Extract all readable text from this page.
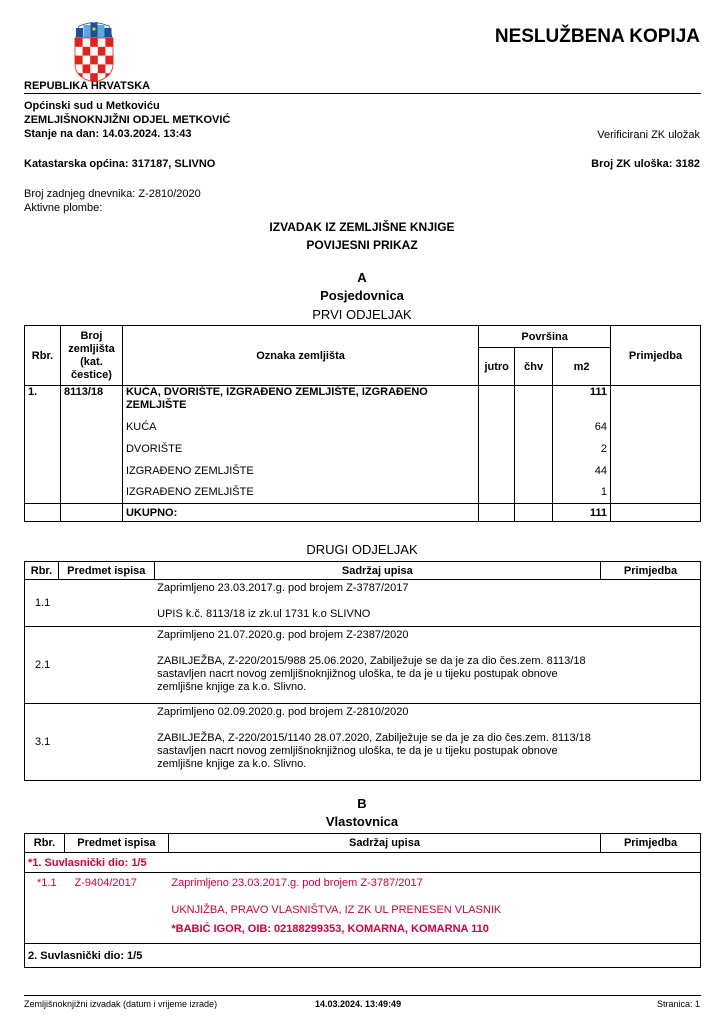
NESLUŽBENA KOPIJA
REPUBLIKA HRVATSKA
Općinski sud u Metkoviću
ZEMLJIŠNOKNJIŽNI ODJEL METKOVIĆ
Stanje na dan: 14.03.2024. 13:43	Verificirani ZK uložak
Katastarska općina: 317187, SLIVNO	Broj ZK uloška: 3182
Broj zadnjeg dnevnika: Z-2810/2020
Aktivne plombe:
IZVADAK IZ ZEMLJIŠNE KNJIGE
POVIJESNI PRIKAZ
A
Posjedovnica
PRVI ODJELJAK
Rbr.	Broj
zemljišta
(kat.
čestice)	Oznaka zemljišta	Površina			Primjedba
			jutro	čhv	m2	
1.	8113/18	KUĆA, DVORIŠTE, IZGRAĐENO ZEMLJIŠTE, IZGRAĐENO ZEMLJIŠTE			111	
		KUĆA			64	
		DVORIŠTE			2	
		IZGRAĐENO ZEMLJIŠTE			44	
		IZGRAĐENO ZEMLJIŠTE			1	
		UKUPNO:			111	
DRUGI ODJELJAK
Rbr.	Predmet ispisa	Sadržaj upisa	Primjedba
1.1		Zaprimljeno 23.03.2017.g. pod brojem Z-3787/2017
UPIS k.č. 8113/18 iz zk.ul 1731 k.o SLIVNO	

2.1		Zaprimljeno 21.07.2020.g. pod brojem Z-2387/2020
ZABILJEŽBA, Z-220/2015/988 25.06.2020, Zabilježuje se da je za dio čes.zem. 8113/18 sastavljen nacrt novog zemljišnoknjižnog uloška, te da je u tijeku postupak obnove zemljišne knjige za k.o. Slivno.	

3.1		Zaprimljeno 02.09.2020.g. pod brojem Z-2810/2020
ZABILJEŽBA, Z-220/2015/1140 28.07.2020, Zabilježuje se da je za dio čes.zem. 8113/18 sastavljen nacrt novog zemljišnoknjižnog uloška, te da je u tijeku postupak obnove zemljišne knjige za k.o. Slivno.	
B
Vlastovnica
Rbr.	Predmet ispisa	Sadržaj upisa	Primjedba
*1. Suvlasnički dio: 1/5			
*1.1	Z-9404/2017	Zaprimljeno 23.03.2017.g. pod brojem Z-3787/2017
UKNJIŽBA, PRAVO VLASNIŠTVA, IZ ZK UL PRENESEN VLASNIK
*BABIĆ IGOR, OIB: 02188299353, KOMARNA, KOMARNA 110	

2. Suvlasnički dio: 1/5			
Zemljišnoknjižni izvadak (datum i vrijeme izrade)	14.03.2024. 13:49:49	Stranica: 1
